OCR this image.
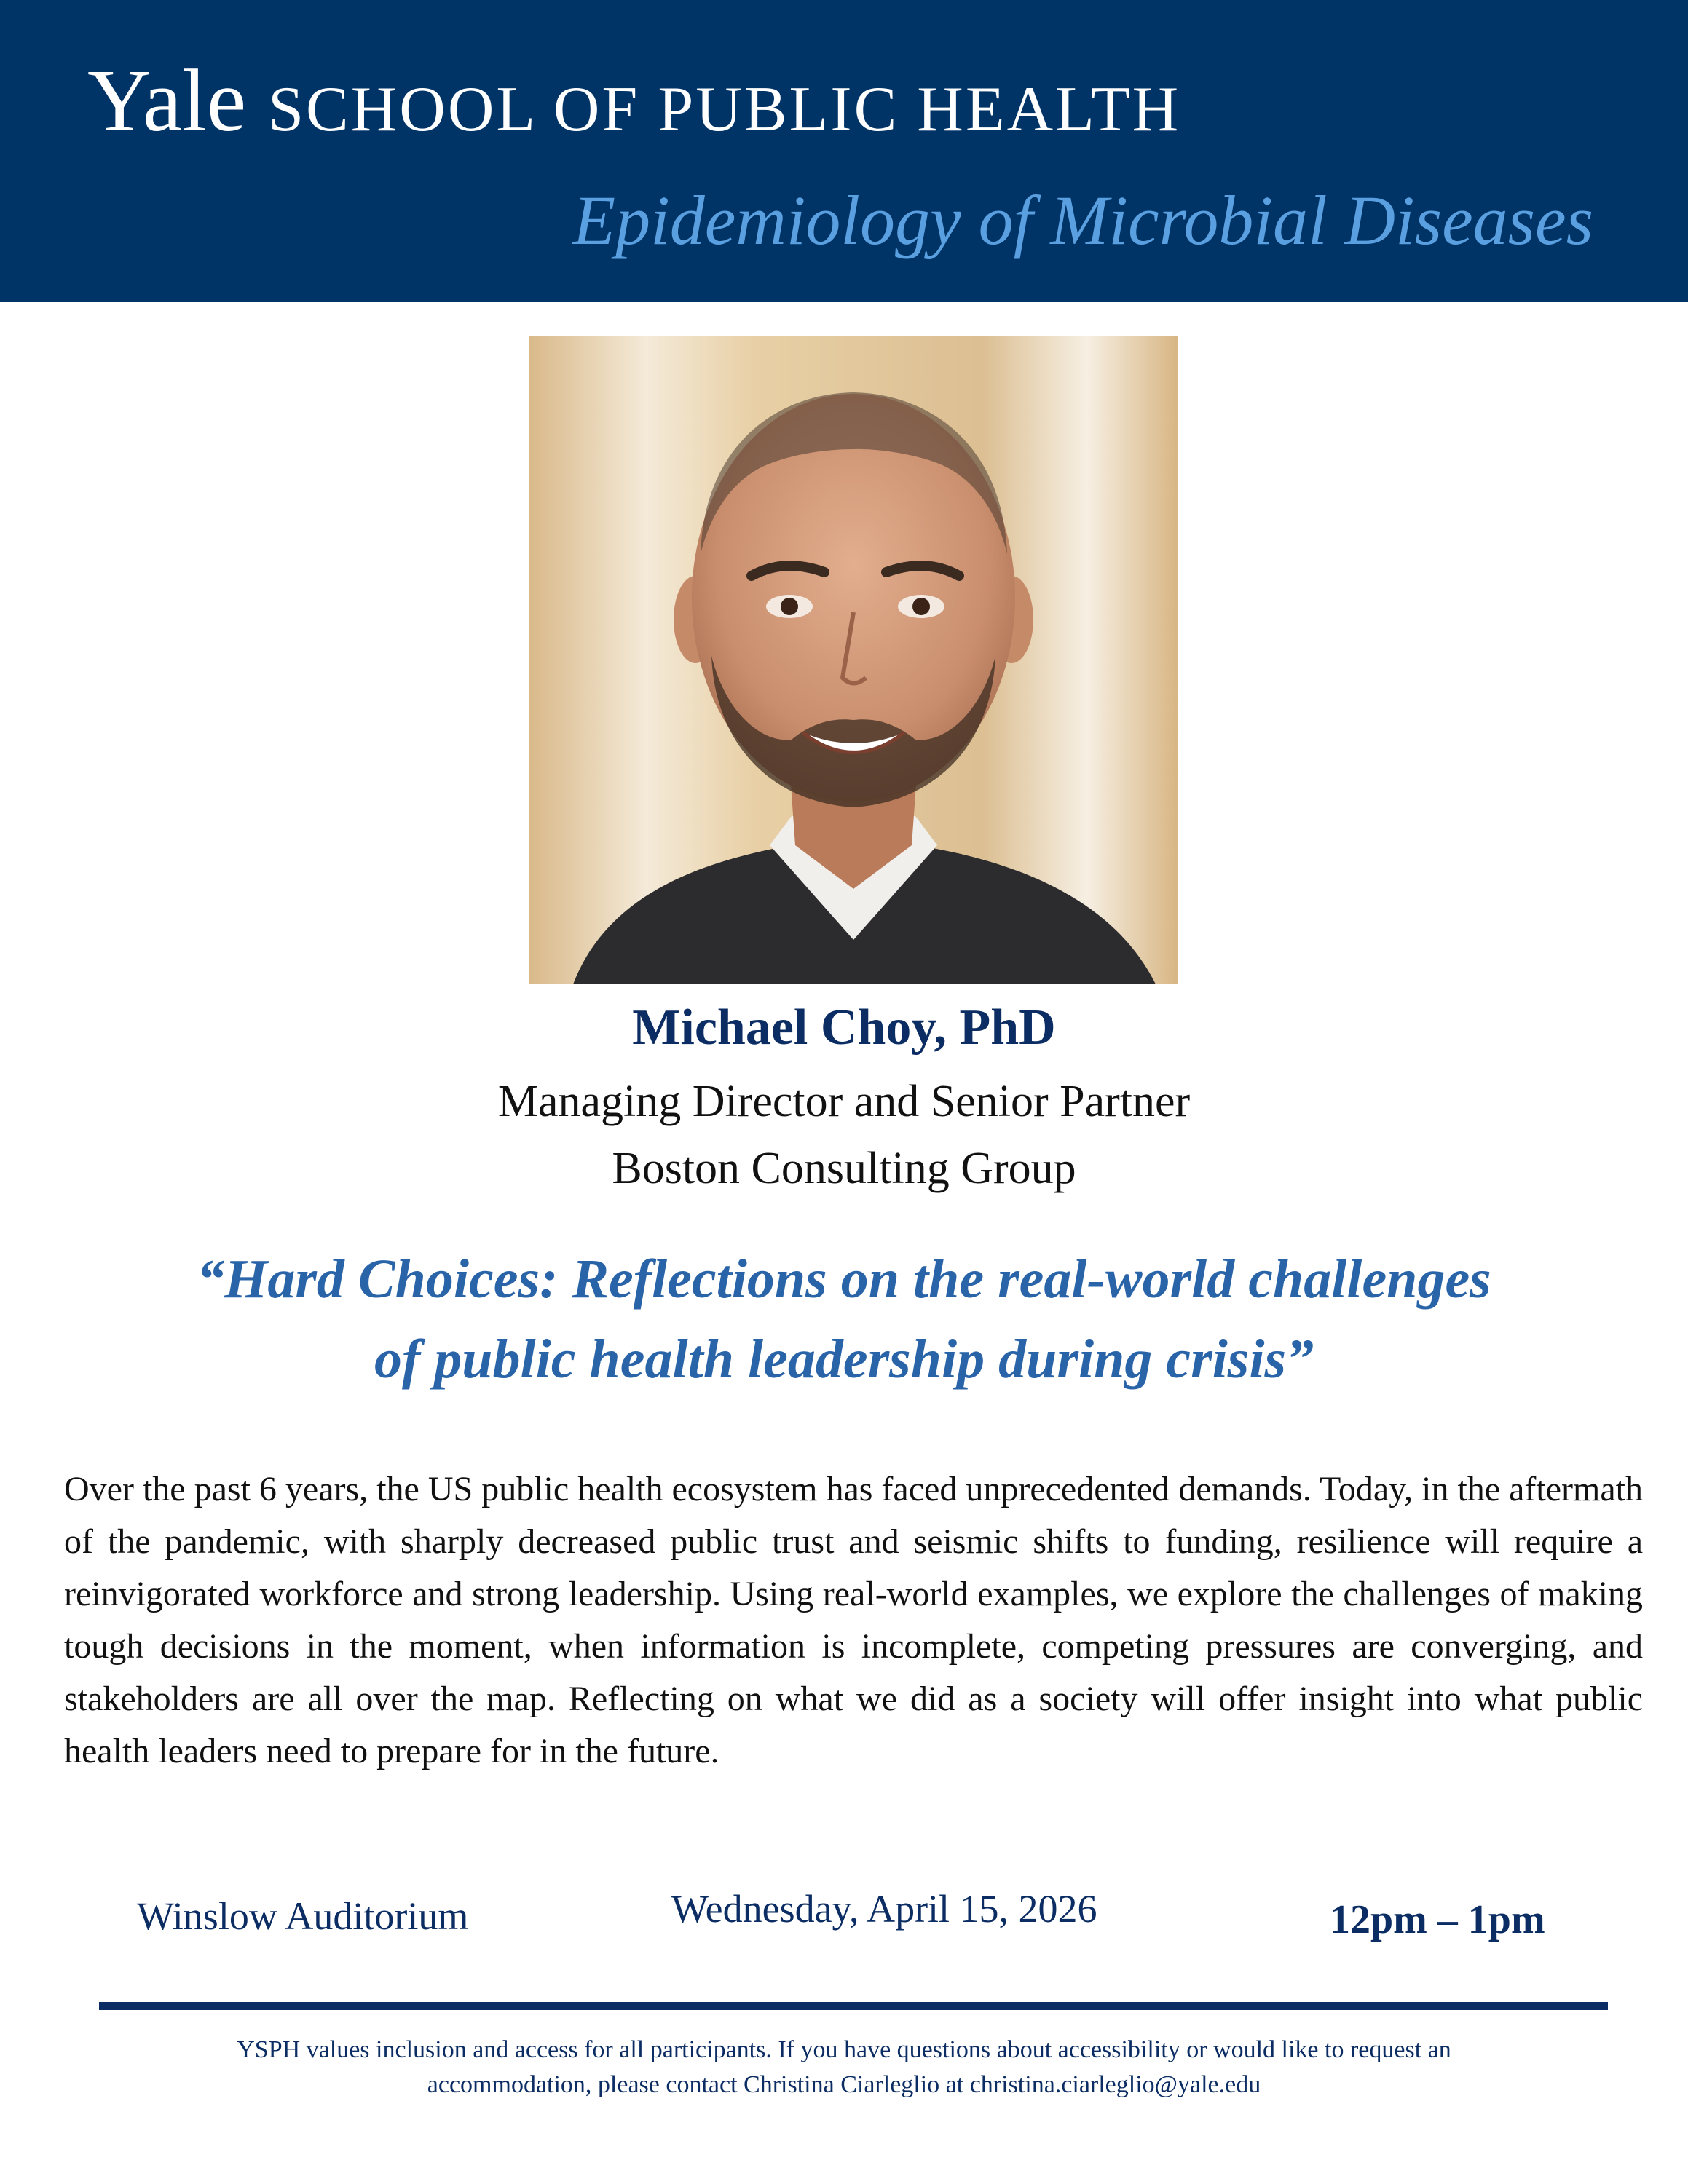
Yale SCHOOL OF PUBLIC HEALTH
Epidemiology of Microbial Diseases
Michael Choy, PhD
Managing Director and Senior Partner
Boston Consulting Group
“Hard Choices: Reflections on the real-world challenges
of public health leadership during crisis”
Over the past 6 years, the US public health ecosystem has faced unprecedented demands. Today, in the aftermath of the pandemic, with sharply decreased public trust and seismic shifts to funding, resilience will require a reinvigorated workforce and strong leadership. Using real-world examples, we explore the challenges of making tough decisions in the moment, when information is incomplete, competing pressures are converging, and stakeholders are all over the map. Reflecting on what we did as a society will offer insight into what public health leaders need to prepare for in the future.
Winslow Auditorium	Wednesday, April 15, 2026	12pm – 1pm
YSPH values inclusion and access for all participants. If you have questions about accessibility or would like to request an
accommodation, please contact Christina Ciarleglio at christina.ciarleglio@yale.edu
